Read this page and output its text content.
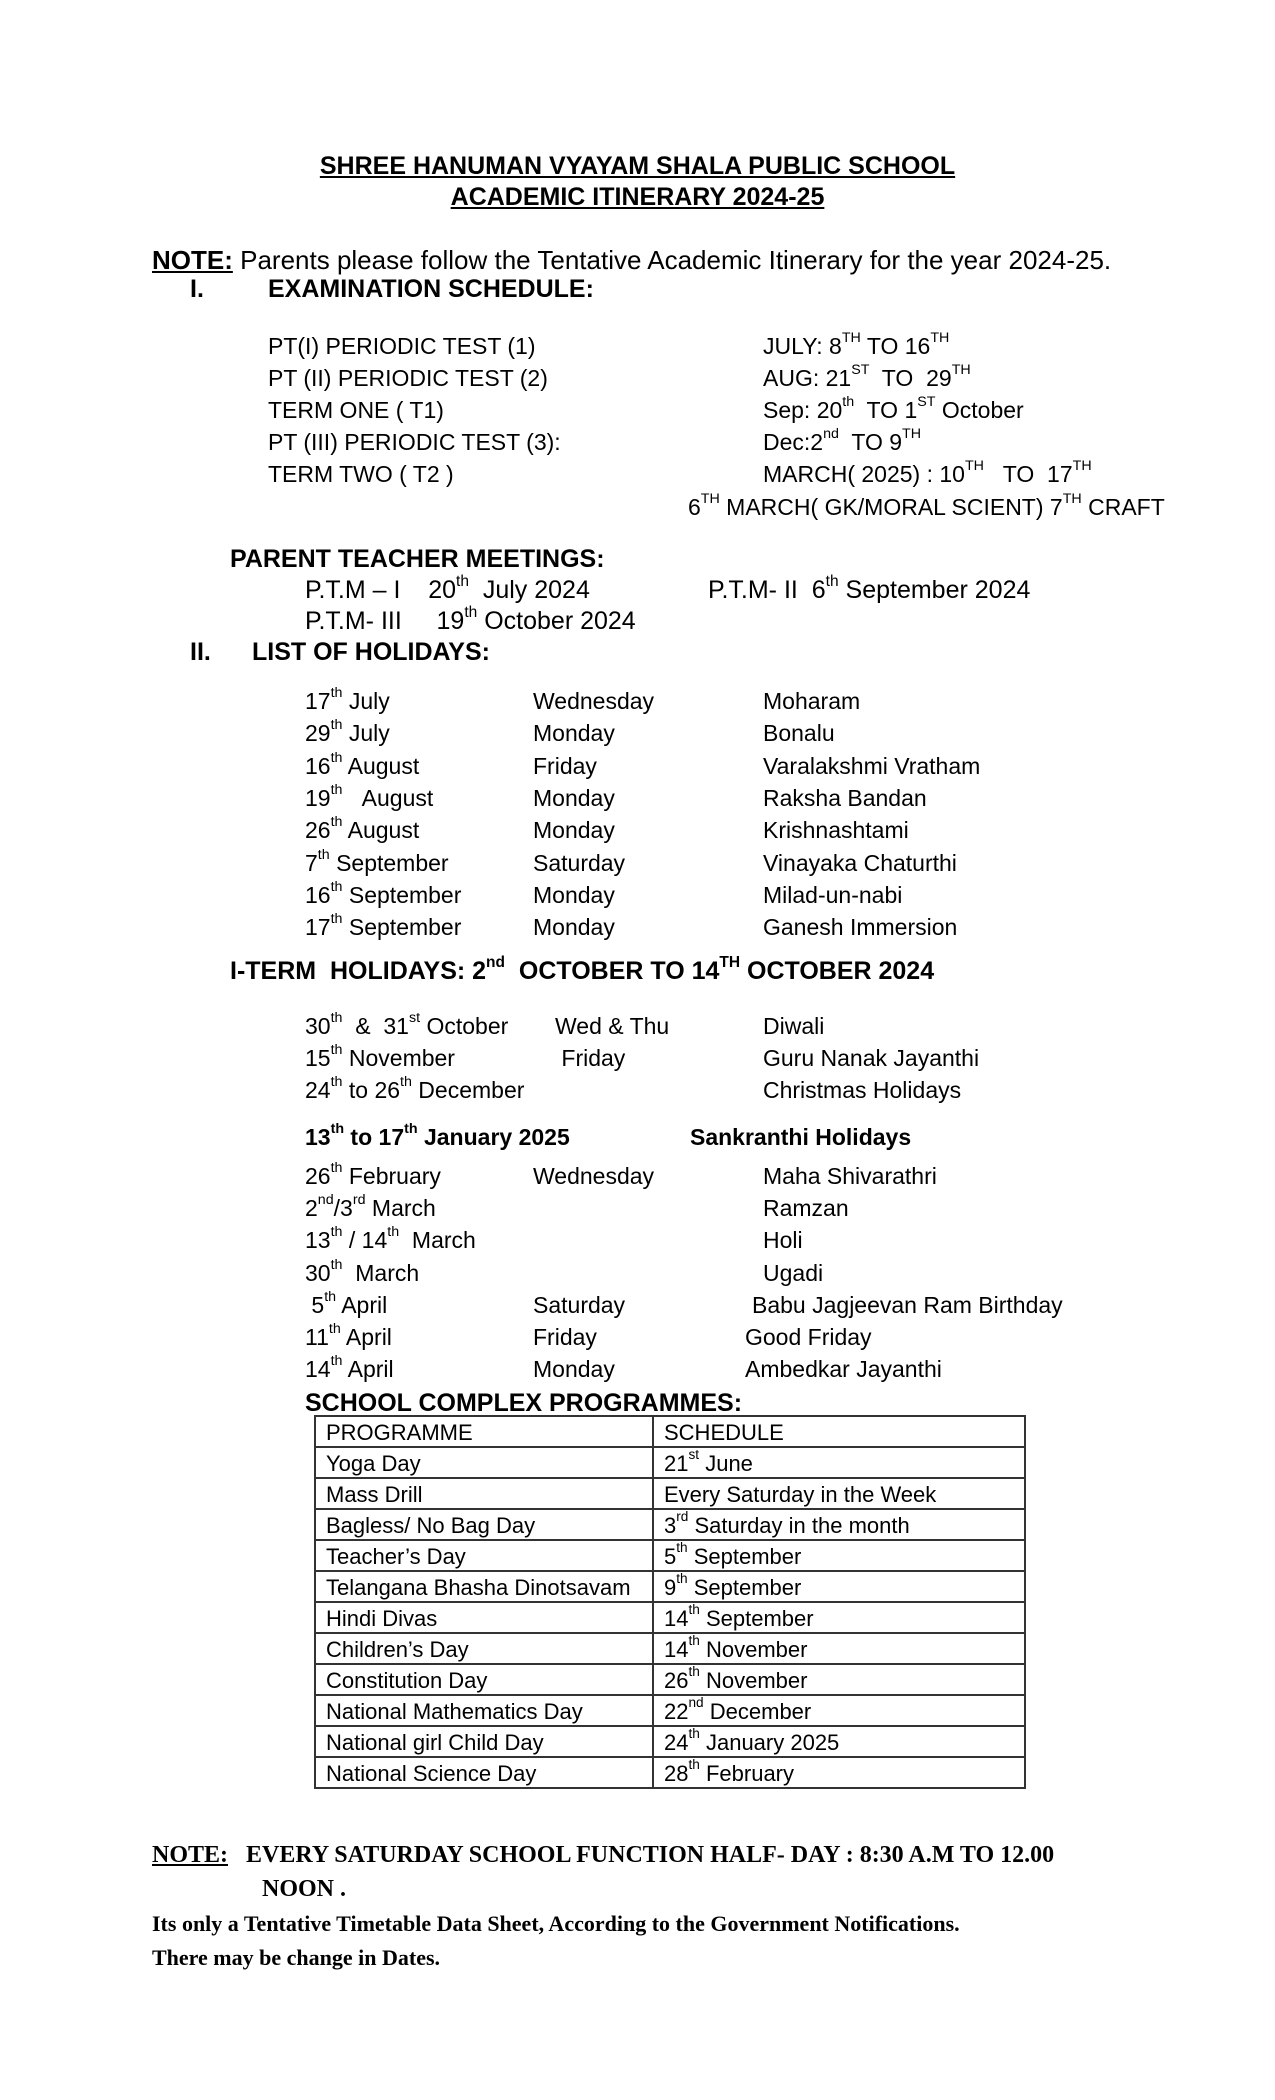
SHREE HANUMAN VYAYAM SHALA PUBLIC SCHOOL
ACADEMIC ITINERARY 2024-25
NOTE: Parents please follow the Tentative Academic Itinerary for the year 2024-25.
I.	EXAMINATION SCHEDULE:
PT(I) PERIODIC TEST (1)	JULY: 8TH TO 16TH
PT (II) PERIODIC TEST (2)	AUG: 21ST  TO  29TH
TERM ONE ( T1)	Sep: 20th  TO 1ST October
PT (III) PERIODIC TEST (3):	Dec:2nd  TO 9TH
TERM TWO ( T2 )	MARCH( 2025) : 10TH   TO  17TH
6TH MARCH( GK/MORAL SCIENT) 7TH CRAFT
PARENT TEACHER MEETINGS:
P.T.M – I    20th  July 2024	P.T.M- II  6th September 2024
P.T.M- III     19th October 2024
II. LIST OF HOLIDAYS:
17th July	Wednesday	Moharam
29th July	Monday	Bonalu
16th August	Friday	Varalakshmi Vratham
19th   August	Monday	Raksha Bandan
26th August	Monday	Krishnashtami
7th September	Saturday	Vinayaka Chaturthi
16th September	Monday	Milad-un-nabi
17th September	Monday	Ganesh Immersion
I-TERM  HOLIDAYS: 2nd  OCTOBER TO 14TH OCTOBER 2024
30th  &  31st October Wed & Thu	Diwali
15th November	Friday	Guru Nanak Jayanthi
24th to 26th December	Christmas Holidays
13th to 17th January 2025	Sankranthi Holidays
26th February	Wednesday	Maha Shivarathri
2nd/3rd March	Ramzan
13th / 14th  March	Holi
30th  March	Ugadi
5th April	Saturday	Babu Jagjeevan Ram Birthday
11th April	Friday	Good Friday
14th April	Monday	Ambedkar Jayanthi
SCHOOL COMPLEX PROGRAMMES:
PROGRAMME	SCHEDULE
Yoga Day	21st June
Mass Drill	Every Saturday in the Week
Bagless/ No Bag Day	3rd Saturday in the month
Teacher’s Day	5th September
Telangana Bhasha Dinotsavam	9th September
Hindi Divas	14th September
Children’s Day	14th November
Constitution Day	26th November
National Mathematics Day	22nd December
National girl Child Day	24th January 2025
National Science Day	28th February
NOTE:   EVERY SATURDAY SCHOOL FUNCTION HALF- DAY : 8:30 A.M TO 12.00
NOON .
Its only a Tentative Timetable Data Sheet, According to the Government Notifications.
There may be change in Dates.
